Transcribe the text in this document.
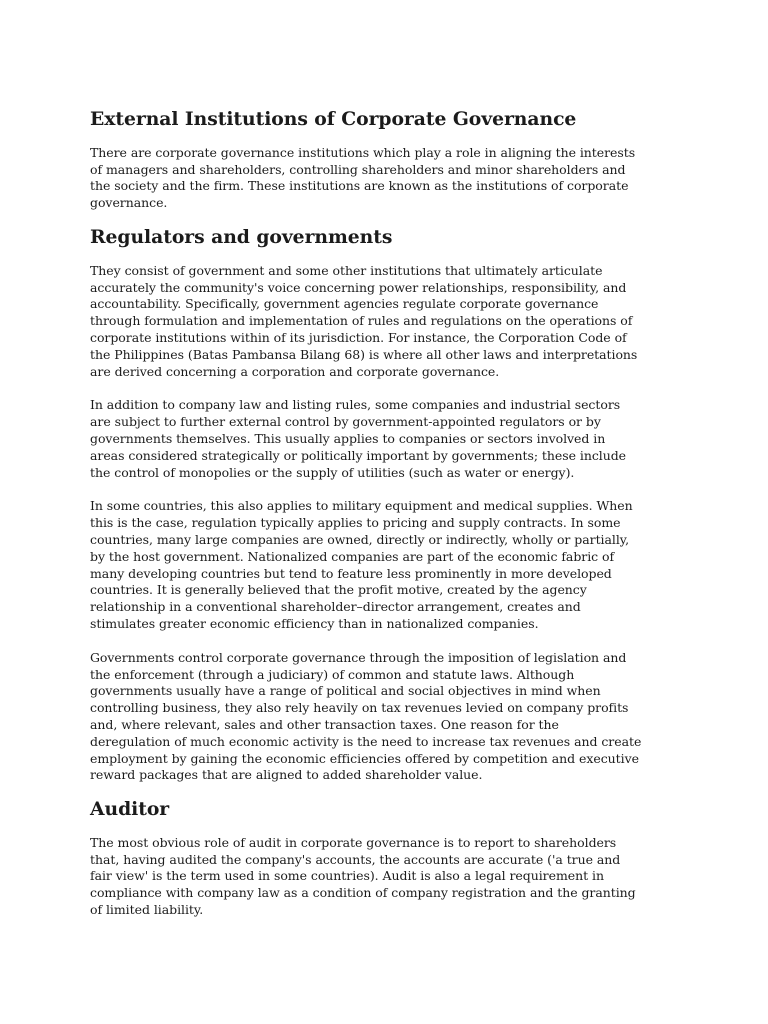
External Institutions of Corporate Governance

There are corporate governance institutions which play a role in aligning the interests
of managers and shareholders, controlling shareholders and minor shareholders and
the society and the firm. These institutions are known as the institutions of corporate
governance.

Regulators and governments

They consist of government and some other institutions that ultimately articulate
accurately the community's voice concerning power relationships, responsibility, and
accountability. Specifically, government agencies regulate corporate governance
through formulation and implementation of rules and regulations on the operations of
corporate institutions within of its jurisdiction. For instance, the Corporation Code of
the Philippines (Batas Pambansa Bilang 68) is where all other laws and interpretations
are derived concerning a corporation and corporate governance.

In addition to company law and listing rules, some companies and industrial sectors
are subject to further external control by government-appointed regulators or by
governments themselves. This usually applies to companies or sectors involved in
areas considered strategically or politically important by governments; these include
the control of monopolies or the supply of utilities (such as water or energy).

In some countries, this also applies to military equipment and medical supplies. When
this is the case, regulation typically applies to pricing and supply contracts. In some
countries, many large companies are owned, directly or indirectly, wholly or partially,
by the host government. Nationalized companies are part of the economic fabric of
many developing countries but tend to feature less prominently in more developed
countries. It is generally believed that the profit motive, created by the agency
relationship in a conventional shareholder–director arrangement, creates and
stimulates greater economic efficiency than in nationalized companies.

Governments control corporate governance through the imposition of legislation and
the enforcement (through a judiciary) of common and statute laws. Although
governments usually have a range of political and social objectives in mind when
controlling business, they also rely heavily on tax revenues levied on company profits
and, where relevant, sales and other transaction taxes. One reason for the
deregulation of much economic activity is the need to increase tax revenues and create
employment by gaining the economic efficiencies offered by competition and executive
reward packages that are aligned to added shareholder value.

Auditor

The most obvious role of audit in corporate governance is to report to shareholders
that, having audited the company's accounts, the accounts are accurate ('a true and
fair view' is the term used in some countries). Audit is also a legal requirement in
compliance with company law as a condition of company registration and the granting
of limited liability.
